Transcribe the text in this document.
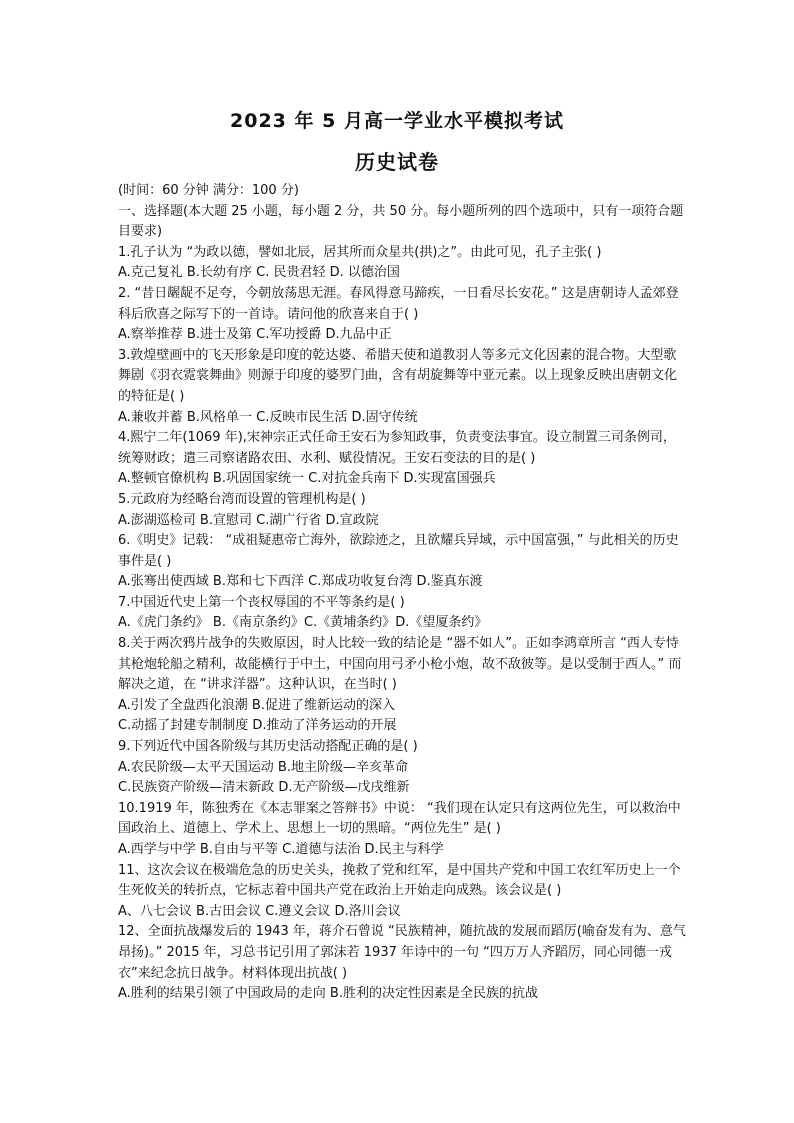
2023 年 5 月高一学业水平模拟考试
历史试卷
(时间：60 分钟 满分：100 分)
一、选择题(本大题 25 小题，每小题 2 分，共 50 分。每小题所列的四个选项中，只有一项符合题目要求)
1.孔子认为 “为政以德，譬如北辰，居其所而众星共(拱)之”。由此可见，孔子主张( )
A.克己复礼 B.长幼有序 C. 民贵君轻 D. 以德治国
2. “昔日龌龊不足夸，今朝放荡思无涯。春风得意马蹄疾，一日看尽长安花。” 这是唐朝诗人孟郊登科后欣喜之际写下的一首诗。请问他的欣喜来自于( )
A.察举推荐 B.进士及第 C.军功授爵 D.九品中正
3.敦煌壁画中的飞天形象是印度的乾达婆、希腊天使和道教羽人等多元文化因素的混合物。大型歌舞剧《羽衣霓裳舞曲》则源于印度的婆罗门曲，含有胡旋舞等中亚元素。以上现象反映出唐朝文化的特征是( )
A.兼收并蓄 B.风格单一 C.反映市民生活 D.固守传统
4.熙宁二年(1069 年),宋神宗正式任命王安石为参知政事，负责变法事宜。设立制置三司条例司，统筹财政；遣三司察诸路农田、水利、赋役情况。王安石变法的目的是( )
A.整顿官僚机构 B.巩固国家统一 C.对抗金兵南下 D.实现富国强兵
5.元政府为经略台湾而设置的管理机构是( )
A.澎湖巡检司 B.宣慰司 C.湖广行省 D.宣政院
6.《明史》记载： “成祖疑惠帝亡海外，欲踪迹之，且欲耀兵异域，示中国富强，” 与此相关的历史事件是( )
A.张骞出使西域 B.郑和七下西洋 C.郑成功收复台湾 D.鉴真东渡
7.中国近代史上第一个丧权辱国的不平等条约是( )
A.《虎门条约》 B.《南京条约》C.《黄埔条约》D.《望厦条约》
8.关于两次鸦片战争的失败原因，时人比较一致的结论是 “器不如人”。正如李鸿章所言 “西人专恃其枪炮轮船之精利，故能横行于中土，中国向用弓矛小枪小炮，故不敌彼等。是以受制于西人。” 而解决之道，在 “讲求洋器”。这种认识，在当时( )
A.引发了全盘西化浪潮 B.促进了维新运动的深入
C.动摇了封建专制制度 D.推动了洋务运动的开展
9.下列近代中国各阶级与其历史活动搭配正确的是( )
A.农民阶级—太平天国运动 B.地主阶级—辛亥革命
C.民族资产阶级—清末新政 D.无产阶级—戊戌维新
10.1919 年，陈独秀在《本志罪案之答辩书》中说： “我们现在认定只有这两位先生，可以救治中国政治上、道德上、学术上、思想上一切的黑暗。“两位先生” 是( )
A.西学与中学 B.自由与平等 C.道德与法治 D.民主与科学
11、这次会议在极端危急的历史关头，挽救了党和红军，是中国共产党和中国工农红军历史上一个生死攸关的转折点，它标志着中国共产党在政治上开始走向成熟。该会议是( )
A、八七会议 B.古田会议 C.遵义会议 D.洛川会议
12、全面抗战爆发后的 1943 年，蒋介石曾说 “民族精神，随抗战的发展而蹈厉(喻奋发有为、意气昂扬)。” 2015 年，习总书记引用了郭沫若 1937 年诗中的一句 “四万万人齐蹈厉，同心同德一戎衣”来纪念抗日战争。材料体现出抗战( )
A.胜利的结果引领了中国政局的走向 B.胜利的决定性因素是全民族的抗战
